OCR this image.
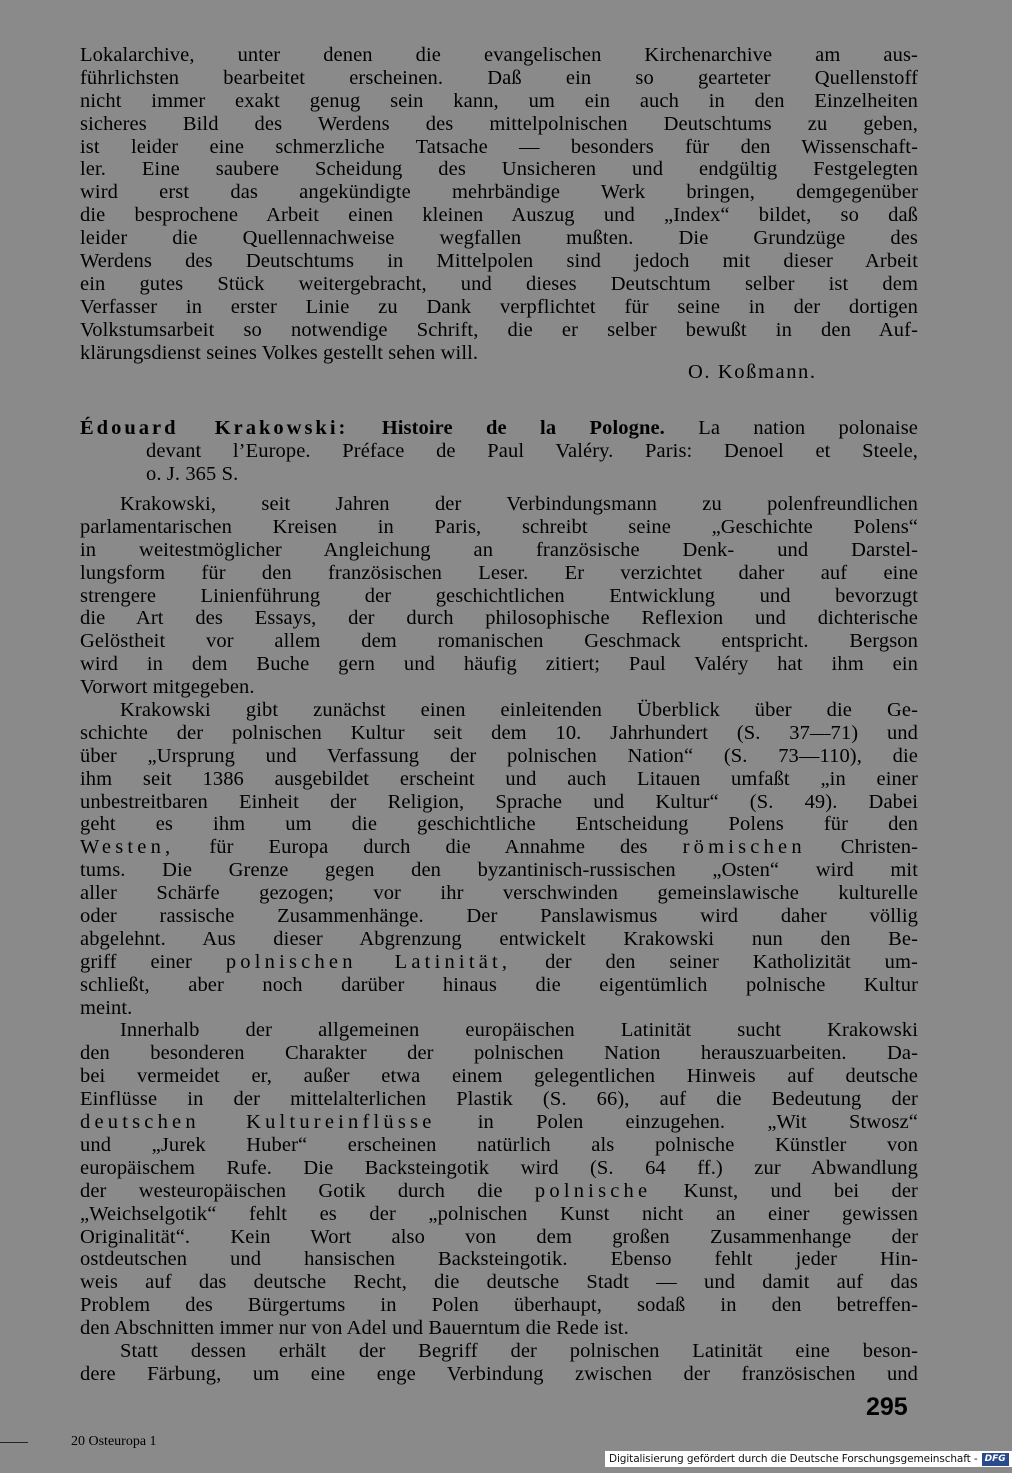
Lokalarchive, unter denen die evangelischen Kirchenarchive am aus-
führlichsten bearbeitet erscheinen. Daß ein so gearteter Quellenstoff
nicht immer exakt genug sein kann, um ein auch in den Einzelheiten
sicheres Bild des Werdens des mittelpolnischen Deutschtums zu geben,
ist leider eine schmerzliche Tatsache — besonders für den Wissenschaft-
ler. Eine saubere Scheidung des Unsicheren und endgültig Festgelegten
wird erst das angekündigte mehrbändige Werk bringen, demgegenüber
die besprochene Arbeit einen kleinen Auszug und „Index“ bildet, so daß
leider die Quellennachweise wegfallen mußten. Die Grundzüge des
Werdens des Deutschtums in Mittelpolen sind jedoch mit dieser Arbeit
ein gutes Stück weitergebracht, und dieses Deutschtum selber ist dem
Verfasser in erster Linie zu Dank verpflichtet für seine in der dortigen
Volkstumsarbeit so notwendige Schrift, die er selber bewußt in den Auf-
klärungsdienst seines Volkes gestellt sehen will.
O. Koßmann.
Édouard Krakowski: Histoire de la Pologne. La nation polonaise
devant l’Europe. Préface de Paul Valéry. Paris: Denoel et Steele,
o. J. 365 S.
Krakowski, seit Jahren der Verbindungsmann zu polenfreundlichen
parlamentarischen Kreisen in Paris, schreibt seine „Geschichte Polens“
in weitestmöglicher Angleichung an französische Denk- und Darstel-
lungsform für den französischen Leser. Er verzichtet daher auf eine
strengere Linienführung der geschichtlichen Entwicklung und bevorzugt
die Art des Essays, der durch philosophische Reflexion und dichterische
Gelöstheit vor allem dem romanischen Geschmack entspricht. Bergson
wird in dem Buche gern und häufig zitiert; Paul Valéry hat ihm ein
Vorwort mitgegeben.
Krakowski gibt zunächst einen einleitenden Überblick über die Ge-
schichte der polnischen Kultur seit dem 10. Jahrhundert (S. 37—71) und
über „Ursprung und Verfassung der polnischen Nation“ (S. 73—110), die
ihm seit 1386 ausgebildet erscheint und auch Litauen umfaßt „in einer
unbestreitbaren Einheit der Religion, Sprache und Kultur“ (S. 49). Dabei
geht es ihm um die geschichtliche Entscheidung Polens für den
Westen, für Europa durch die Annahme des römischen Christen-
tums. Die Grenze gegen den byzantinisch-russischen „Osten“ wird mit
aller Schärfe gezogen; vor ihr verschwinden gemeinslawische kulturelle
oder rassische Zusammenhänge. Der Panslawismus wird daher völlig
abgelehnt. Aus dieser Abgrenzung entwickelt Krakowski nun den Be-
griff einer polnischen Latinität, der den seiner Katholizität um-
schließt, aber noch darüber hinaus die eigentümlich polnische Kultur
meint.
Innerhalb der allgemeinen europäischen Latinität sucht Krakowski
den besonderen Charakter der polnischen Nation herauszuarbeiten. Da-
bei vermeidet er, außer etwa einem gelegentlichen Hinweis auf deutsche
Einflüsse in der mittelalterlichen Plastik (S. 66), auf die Bedeutung der
deutschen Kultureinflüsse in Polen einzugehen. „Wit Stwosz“
und „Jurek Huber“ erscheinen natürlich als polnische Künstler von
europäischem Rufe. Die Backsteingotik wird (S. 64 ff.) zur Abwandlung
der westeuropäischen Gotik durch die polnische Kunst, und bei der
„Weichselgotik“ fehlt es der „polnischen Kunst nicht an einer gewissen
Originalität“. Kein Wort also von dem großen Zusammenhange der
ostdeutschen und hansischen Backsteingotik. Ebenso fehlt jeder Hin-
weis auf das deutsche Recht, die deutsche Stadt — und damit auf das
Problem des Bürgertums in Polen überhaupt, sodaß in den betreffen-
den Abschnitten immer nur von Adel und Bauerntum die Rede ist.
Statt dessen erhält der Begriff der polnischen Latinität eine beson-
dere Färbung, um eine enge Verbindung zwischen der französischen und
295
20 Osteuropa 1
Digitalisierung gefördert durch die Deutsche Forschungsgemeinschaft - DFG
